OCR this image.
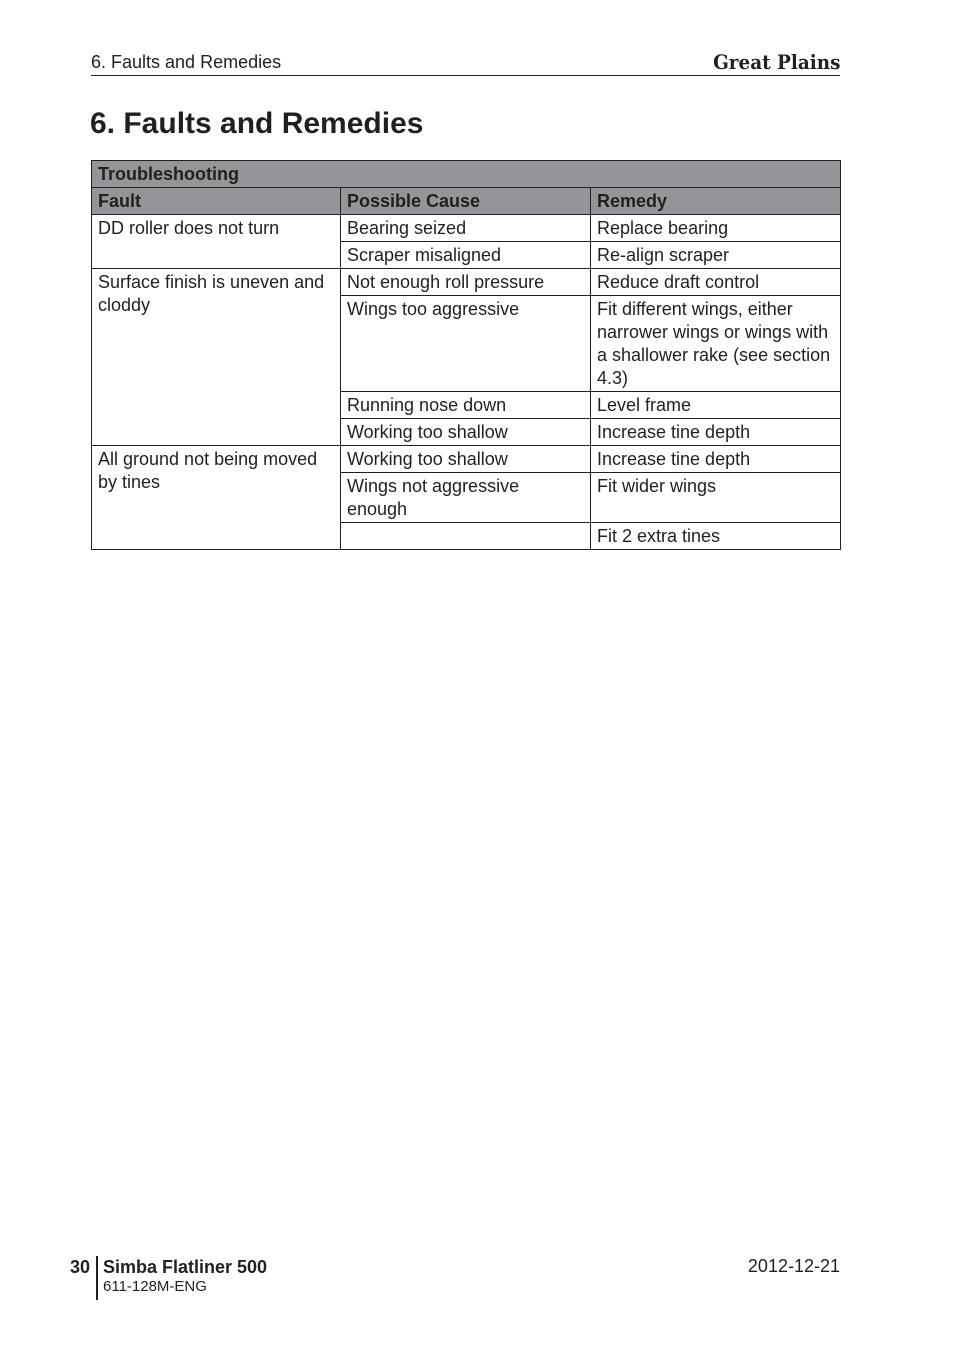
6. Faults and Remedies	Great Plains
6. Faults and Remedies
Troubleshooting		
Fault	Possible Cause	Remedy
DD roller does not turn	Bearing seized	Replace bearing
	Scraper misaligned	Re-align scraper
Surface finish is uneven and cloddy	Not enough roll pressure	Reduce draft control
	Wings too aggressive	Fit different wings, either narrower wings or wings with a shallower rake (see section 4.3)
	Running nose down	Level frame
	Working too shallow	Increase tine depth
All ground not being moved by tines	Working too shallow	Increase tine depth
	Wings not aggressive enough	Fit wider wings
		Fit 2 extra tines
30 Simba Flatliner 500
611-128M-ENG
2012-12-21
